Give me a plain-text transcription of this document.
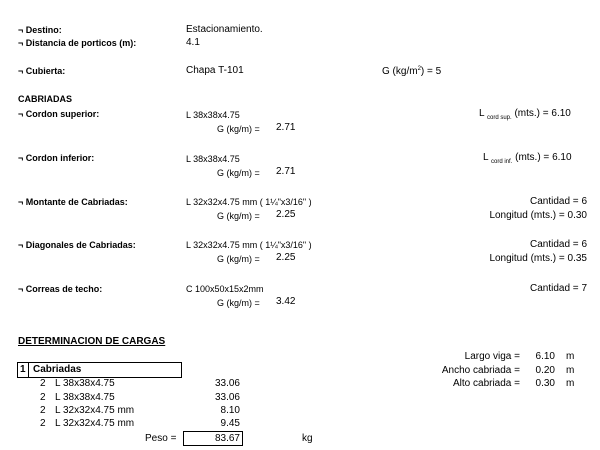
¬ Destino:	Estacionamiento.
¬ Distancia de porticos (m):	4.1
¬ Cubierta:	Chapa T-101	G $(kg/m^2) = 5$
CABRIADAS
¬ Cordon superior:	L 38x38x4.75
G (kg/m) = 2.71
L $_{cord sup.}$ (mts.) = 6.10
¬ Cordon inferior:	L 38x38x4.75
G (kg/m) = 2.71
L $_{cord inf.}$ (mts.) = 6.10
¬ Montante de Cabriadas:	L 32x32x4.75 mm ( 1¼"x3/16" )
G (kg/m) = 2.25
Cantidad = 6
Longitud (mts.) = 0.30
¬ Diagonales de Cabriadas:	L 32x32x4.75 mm ( 1¼"x3/16" )
G (kg/m) = 2.25
Cantidad = 6
Longitud (mts.) = 0.35
¬ Correas de techo:	C 100x50x15x2mm
G (kg/m) = 3.42
Cantidad = 7
DETERMINACION DE CARGAS
Largo viga =	6.10 m
Ancho cabriada =	0.20 m
Alto cabriada =	0.30 m
1 Cabriadas
2 L 38x38x4.75	33.06
2 L 38x38x4.75	33.06
2 L 32x32x4.75 mm	8.10
2 L 32x32x4.75 mm	9.45
Peso =	83.67	kg
